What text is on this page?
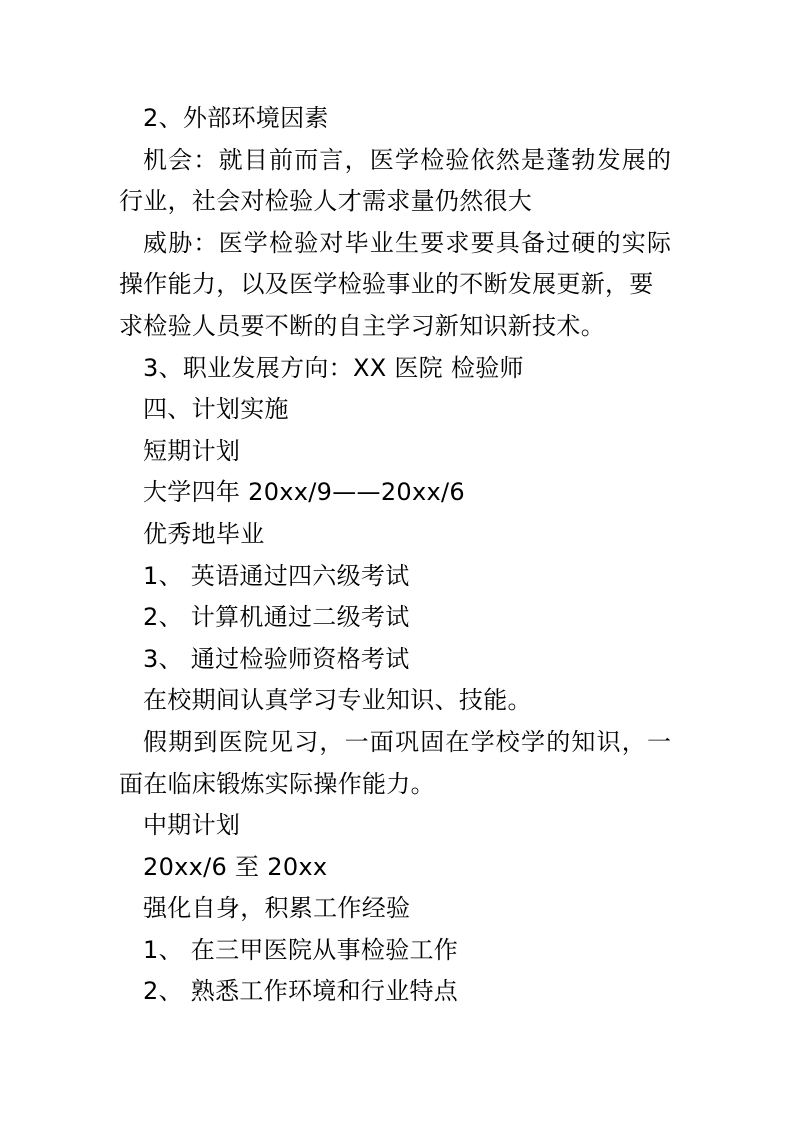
2、外部环境因素
机会：就目前而言，医学检验依然是蓬勃发展的
行业，社会对检验人才需求量仍然很大
威胁：医学检验对毕业生要求要具备过硬的实际
操作能力，以及医学检验事业的不断发展更新，要
求检验人员要不断的自主学习新知识新技术。
3、职业发展方向：XX 医院 检验师
四、计划实施
短期计划
大学四年 20xx/9——20xx/6
优秀地毕业
1、 英语通过四六级考试
2、 计算机通过二级考试
3、 通过检验师资格考试
在校期间认真学习专业知识、技能。
假期到医院见习，一面巩固在学校学的知识，一
面在临床锻炼实际操作能力。
中期计划
20xx/6 至 20xx
强化自身，积累工作经验
1、 在三甲医院从事检验工作
2、 熟悉工作环境和行业特点
